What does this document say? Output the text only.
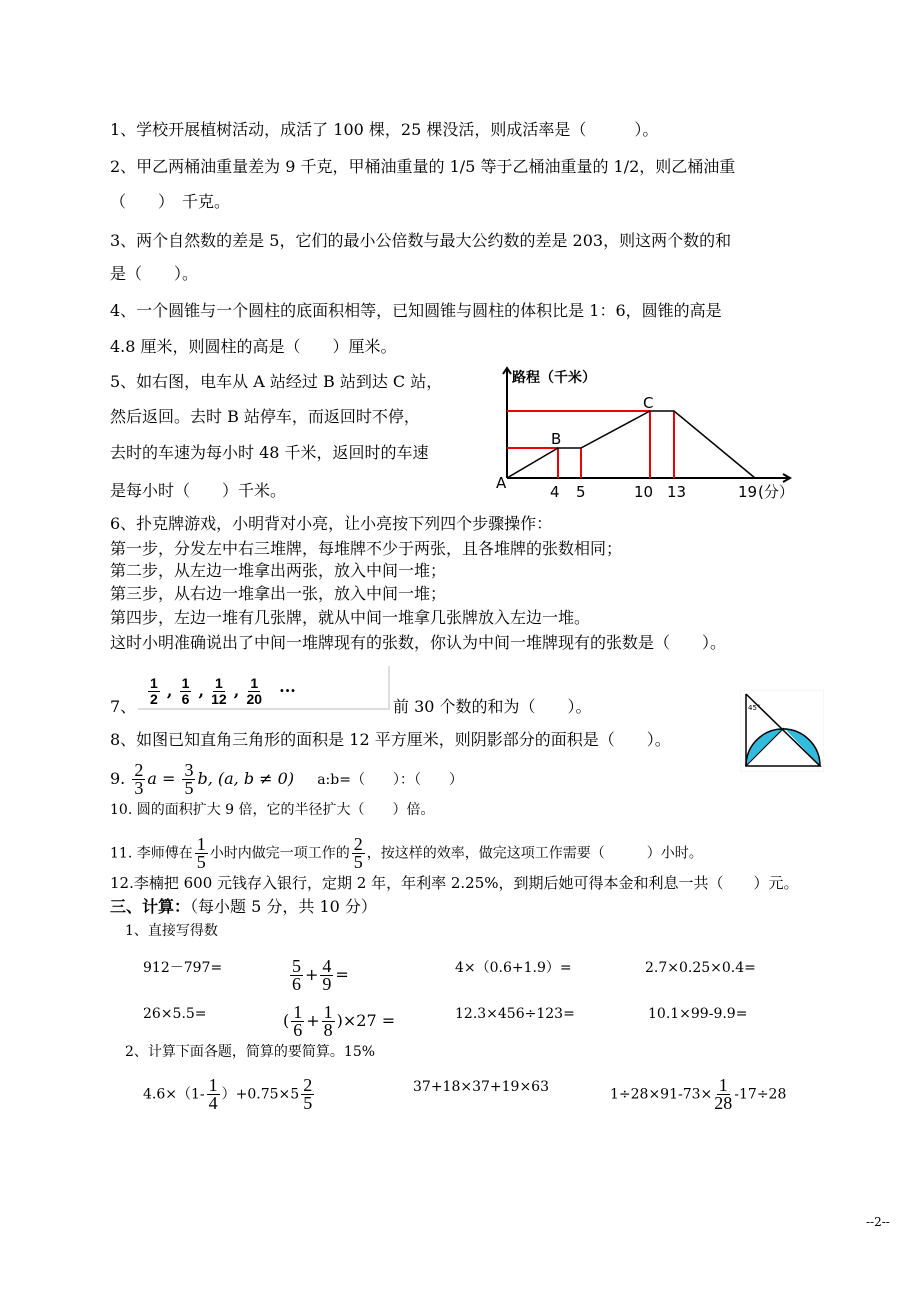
1、学校开展植树活动，成活了 100 棵，25 棵没活，则成活率是（　　　）。
2、甲乙两桶油重量差为 9 千克，甲桶油重量的 1/5 等于乙桶油重量的 1/2，则乙桶油重
（　　）　千克。
3、两个自然数的差是 5，它们的最小公倍数与最大公约数的差是 203，则这两个数的和
是（　　）。
4、一个圆锥与一个圆柱的底面积相等，已知圆锥与圆柱的体积比是 1：6，圆锥的高是
4.8 厘米，则圆柱的高是（　　）厘米。
5、如右图，电车从 A 站经过 B 站到达 C 站，
然后返回。去时 B 站停车，而返回时不停，
去时的车速为每小时 48 千米，返回时的车速
是每小时（　　）千米。
路程（千米）
A
B
C
4 5	10 13	19 (分）
6、扑克牌游戏，小明背对小亮，让小亮按下列四个步骤操作：
第一步，分发左中右三堆牌，每堆牌不少于两张，且各堆牌的张数相同；
第二步，从左边一堆拿出两张，放入中间一堆；
第三步，从右边一堆拿出一张，放入中间一堆；
第四步，左边一堆有几张牌，就从中间一堆拿几张牌放入左边一堆。
这时小明准确说出了中间一堆牌现有的张数，你认为中间一堆牌现有的张数是（　　）。
7、 $\frac{1}{2}$ , $\frac{1}{6}$ , $\frac{1}{12}$ , $\frac{1}{20}$ ···
前 30 个数的和为（　　）。
8、如图已知直角三角形的面积是 12 平方厘米，则阴影部分的面积是（　　）。
45°
9. $\frac{2}{3}$ $a = \frac{3}{5} b$, (a, b ≠ 0) a:b=（　　）：（　　）
10. 圆的面积扩大 9 倍，它的半径扩大（　　）倍。
11. 李师傅在 $\frac{1}{5}$ 小时内做完一项工作的 $\frac{2}{5}$ ，按这样的效率，做完这项工作需要（　　　）小时。
12.李楠把 600 元钱存入银行，定期 2 年，年利率 2.25%，到期后她可得本金和利息一共（　　）元。
三、计算：（每小题 5 分，共 10 分）
1、直接写得数
912－797=	$\frac{5}{6} + \frac{4}{9}$ =	4×（0.6+1.9）=	2.7×0.25×0.4=
26×5.5=	( $\frac{1}{6} + \frac{1}{8} )\times 27$ =	12.3×456÷123=	10.1×99-9.9=
2、计算下面各题，简算的要简算。15%
$4.6\times(1- \frac{1}{4} )+0.75\times 5 \frac{2}{5}$	37+18×37+19×63	$1\div 28\times 91-73\times \frac{1}{28} -17\div 28$
--2--
